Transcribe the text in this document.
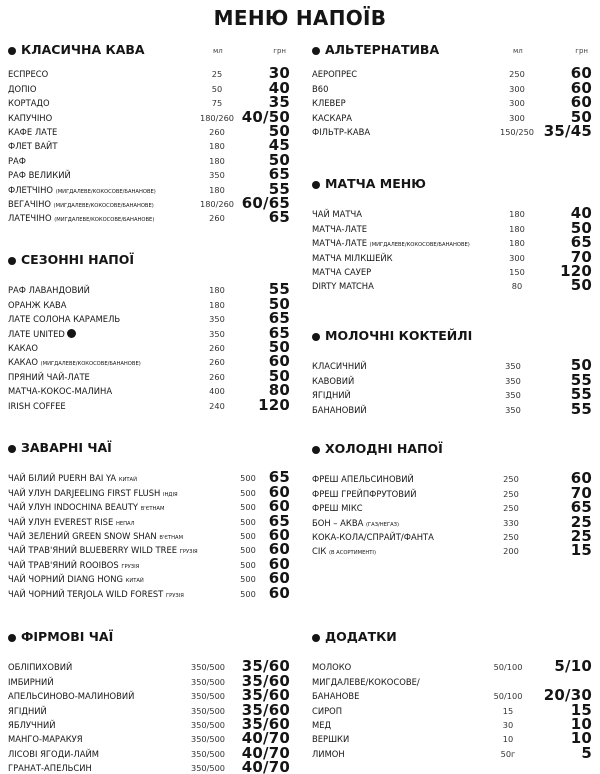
МЕНЮ НАПОЇВ
КЛАСИЧНА КАВА	мл	грн
ЕСПРЕСО	25	30
ДОПІО	50	40
КОРТАДО	75	35
КАПУЧІНО	180/260 40/50
КАФЕ ЛАТЕ	260	50
ФЛЕТ ВАЙТ	180	45
РАФ	180	50
РАФ ВЕЛИКИЙ	350	65
ФЛЕТЧІНО (МИГДАЛЕВЕ/КОКОСОВЕ/БАНАНОВЕ)	180	55
ВЕГАЧІНО (МИГДАЛЕВЕ/КОКОСОВЕ/БАНАНОВЕ)	180/260 60/65
ЛАТЕЧІНО (МИГДАЛЕВЕ/КОКОСОВЕ/БАНАНОВЕ)	260	65
СЕЗОННІ НАПОЇ
РАФ ЛАВАНДОВИЙ	180	55
ОРАНЖ КАВА	180	50
ЛАТЕ СОЛОНА КАРАМЕЛЬ	350	65
ЛАТЕ UNITED	350	65
КАКАО	260	50
КАКАО (МИГДАЛЕВЕ/КОКОСОВЕ/БАНАНОВЕ)	260	60
ПРЯНИЙ ЧАЙ-ЛАТЕ	260	50
МАТЧА-КОКОС-МАЛИНА	400	80
IRISH COFFEE	240 120
ЗАВАРНІ ЧАЇ
ЧАЙ БІЛИЙ PUERH BAI YA КИТАЙ	500 65
ЧАЙ УЛУН DARJEELING FIRST FLUSH ІНДІЯ	500 60
ЧАЙ УЛУН INDOCHINA BEAUTY В'ЄТНАМ	500 60
ЧАЙ УЛУН EVEREST RISE НЕПАЛ	500 65
ЧАЙ ЗЕЛЕНИЙ GREEN SNOW SHAN В'ЄТНАМ	500 60
ЧАЙ ТРАВ'ЯНИЙ BLUEBERRY WILD TREE ГРУЗІЯ	500 60
ЧАЙ ТРАВ'ЯНИЙ ROOIBOS ГРУЗІЯ	500 60
ЧАЙ ЧОРНИЙ DIANG HONG КИТАЙ	500 60
ЧАЙ ЧОРНИЙ TERJOLA WILD FOREST ГРУЗІЯ	500 60
ФІРМОВІ ЧАЇ
ОБЛІПИХОВИЙ	350/500 35/60
ІМБИРНИЙ	350/500 35/60
АПЕЛЬСИНОВО-МАЛИНОВИЙ	350/500 35/60
ЯГІДНИЙ	350/500 35/60
ЯБЛУЧНИЙ	350/500 35/60
МАНГО-МАРАКУЯ	350/500 40/70
ЛІСОВІ ЯГОДИ-ЛАЙМ	350/500 40/70
ГРАНАТ-АПЕЛЬСИН	350/500 40/70
АЛЬТЕРНАТИВА	мл	грн
АЕРОПРЕС	250	60
В60	300	60
КЛЕВЕР	300	60
КАСКАРА	300	50
ФІЛЬТР-КАВА	150/250 35/45
МАТЧА МЕНЮ
ЧАЙ МАТЧА	180	40
МАТЧА-ЛАТЕ	180	50
МАТЧА-ЛАТЕ (МИГДАЛЕВЕ/КОКОСОВЕ/БАНАНОВЕ)	180	65
МАТЧА МІЛКШЕЙК	300	70
МАТЧА САУЕР	150 120
DIRTY MATCHA	80	50
МОЛОЧНІ КОКТЕЙЛІ
КЛАСИЧНИЙ	350	50
КАВОВИЙ	350	55
ЯГІДНИЙ	350	55
БАНАНОВИЙ	350	55
ХОЛОДНІ НАПОЇ
ФРЕШ АПЕЛЬСИНОВИЙ	250	60
ФРЕШ ГРЕЙПФРУТОВИЙ	250	70
ФРЕШ МІКС	250	65
БОН – АКВА (ГАЗ/НЕГАЗ)	330	25
КОКА-КОЛА/СПРАЙТ/ФАНТА	250	25
СІК (В АСОРТИМЕНТІ)	200	15
ДОДАТКИ
МОЛОКО	50/100 5/10
МИГДАЛЕВЕ/КОКОСОВЕ/
БАНАНОВЕ	50/100 20/30
СИРОП	15	15
МЕД	30	10
ВЕРШКИ	10	10
ЛИМОН	50г	5
